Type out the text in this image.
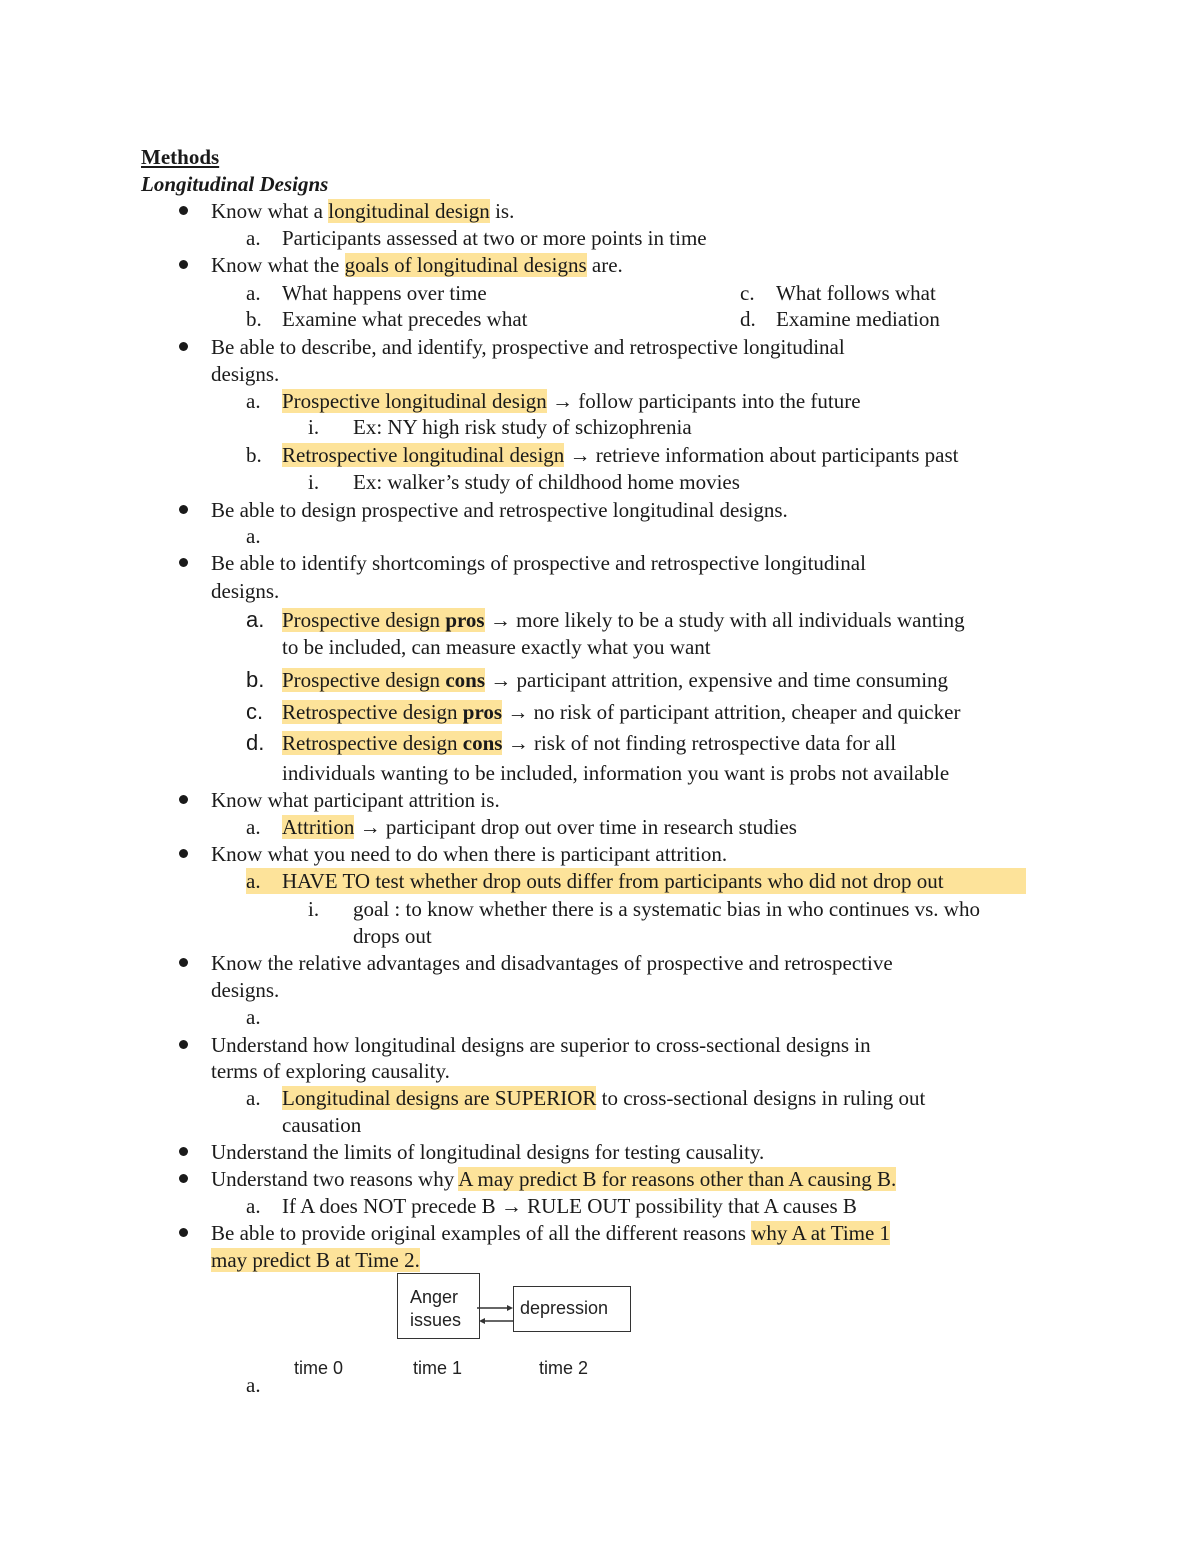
Methods
Longitudinal Designs
Know what a longitudinal design is.
a. Participants assessed at two or more points in time
Know what the goals of longitudinal designs are.
a. What happens over time	c. What follows what
b. Examine what precedes what	d. Examine mediation
Be able to describe, and identify, prospective and retrospective longitudinal
designs.
a. Prospective longitudinal design → follow participants into the future
i. Ex: NY high risk study of schizophrenia
b. Retrospective longitudinal design → retrieve information about participants past
i. Ex: walker’s study of childhood home movies
Be able to design prospective and retrospective longitudinal designs.
a.
Be able to identify shortcomings of prospective and retrospective longitudinal
designs.
a. Prospective design pros → more likely to be a study with all individuals wanting
to be included, can measure exactly what you want
b. Prospective design cons → participant attrition, expensive and time consuming
c. Retrospective design pros → no risk of participant attrition, cheaper and quicker
d. Retrospective design cons → risk of not finding retrospective data for all
individuals wanting to be included, information you want is probs not available
Know what participant attrition is.
a. Attrition → participant drop out over time in research studies
Know what you need to do when there is participant attrition.
a. HAVE TO test whether drop outs differ from participants who did not drop out
i. goal : to know whether there is a systematic bias in who continues vs. who
drops out
Know the relative advantages and disadvantages of prospective and retrospective
designs.
a.
Understand how longitudinal designs are superior to cross-sectional designs in
terms of exploring causality.
a. Longitudinal designs are SUPERIOR to cross-sectional designs in ruling out
causation
Understand the limits of longitudinal designs for testing causality.
Understand two reasons why A may predict B for reasons other than A causing B.
a. If A does NOT precede B → RULE OUT possibility that A causes B
Be able to provide original examples of all the different reasons why A at Time 1
may predict B at Time 2.
Anger
issues
depression
time 0	time 1	time 2
a.
